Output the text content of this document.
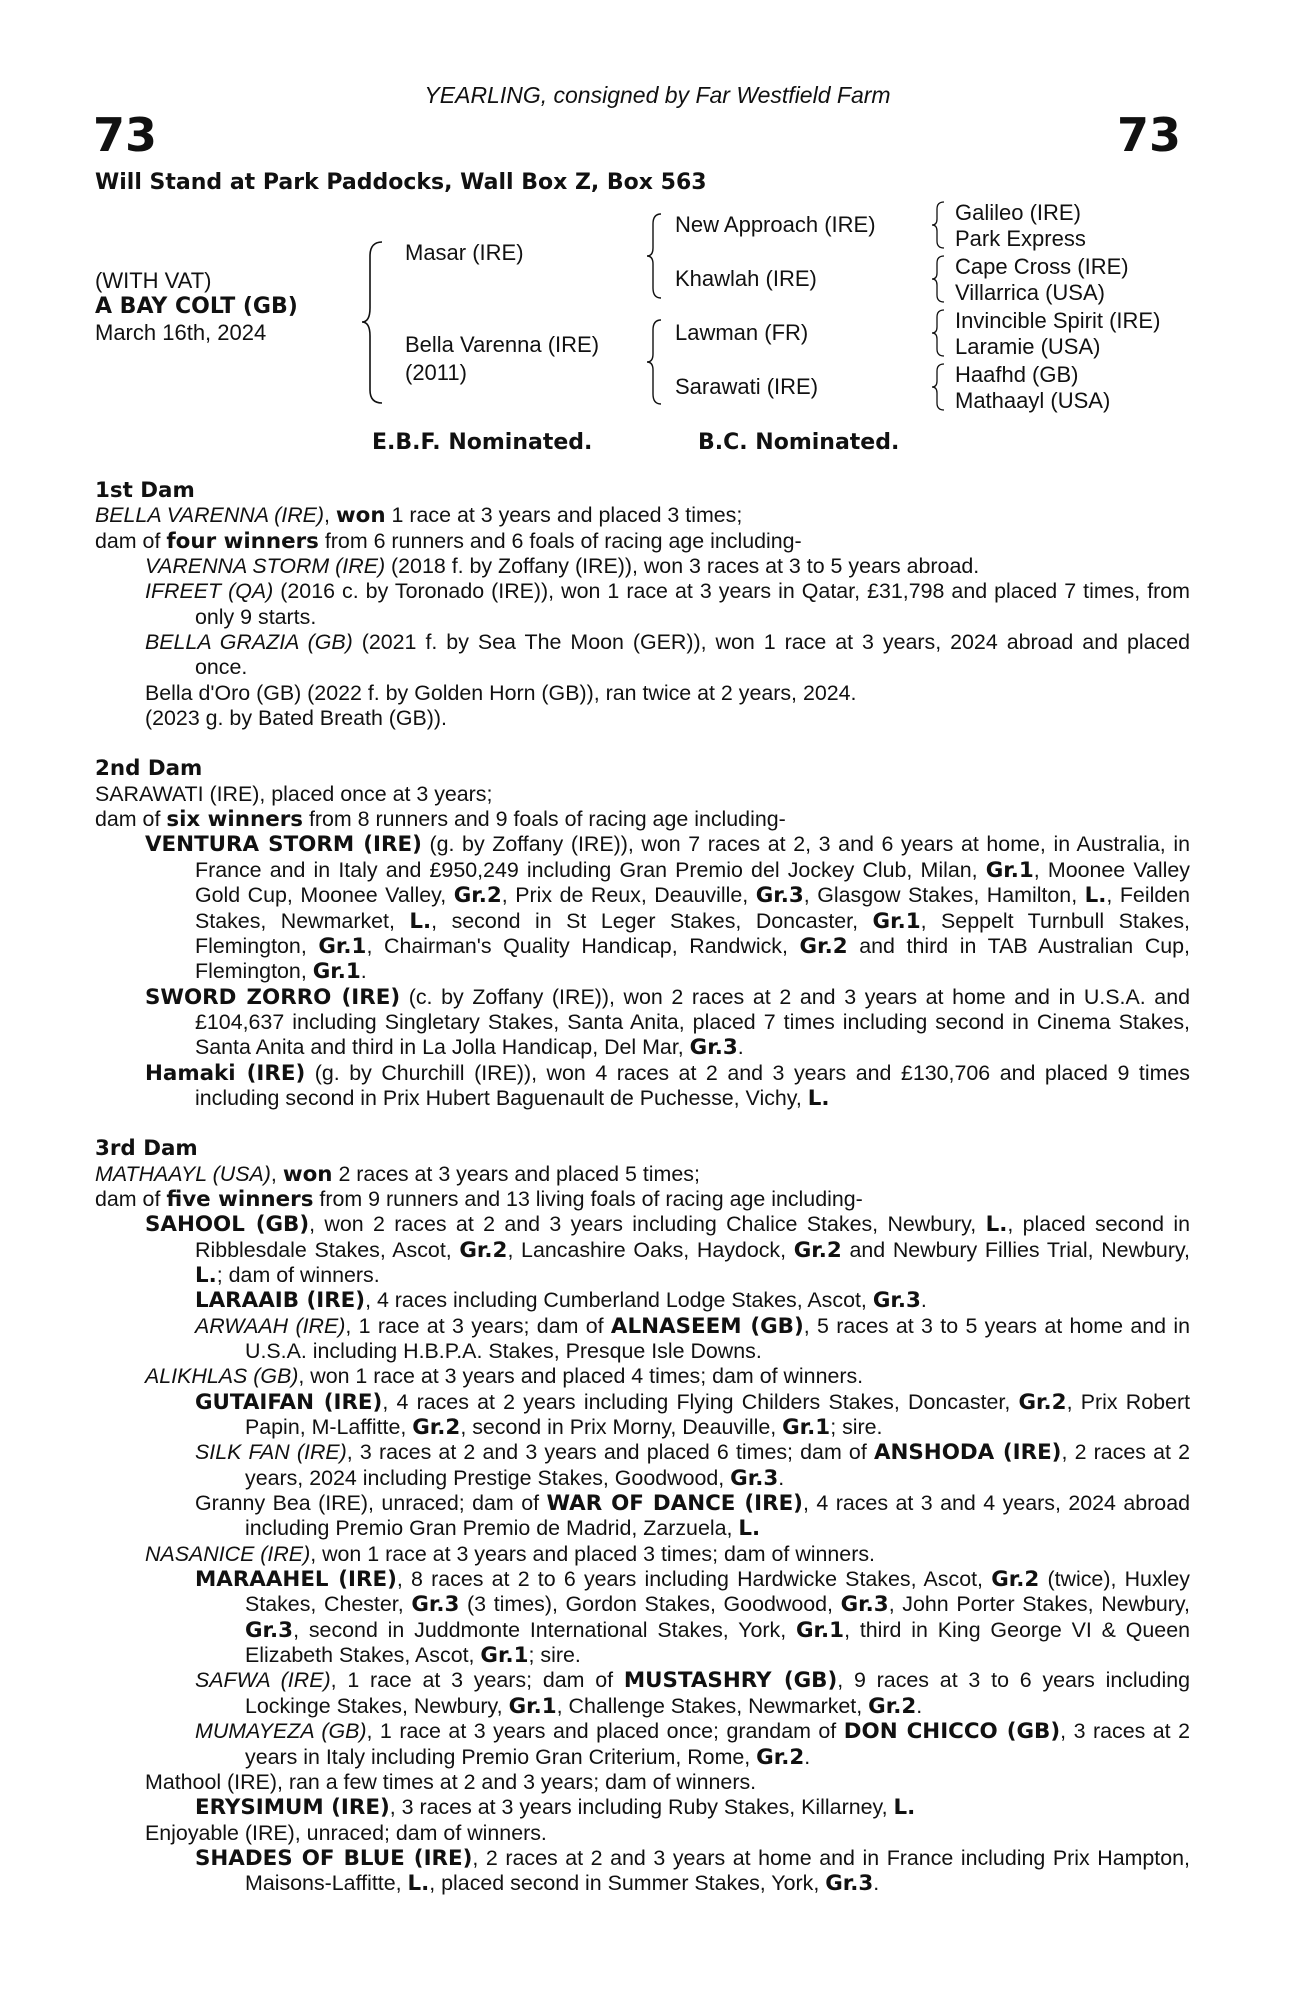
YEARLING, consigned by Far Westfield Farm
73	73
Will Stand at Park Paddocks, Wall Box Z, Box 563
(WITH VAT)
A BAY COLT (GB)
March 16th, 2024
Masar (IRE)
Bella Varenna (IRE)
(2011)
New Approach (IRE)
Khawlah (IRE)
Lawman (FR)
Sarawati (IRE)
Galileo (IRE)
Park Express
Cape Cross (IRE)
Villarrica (USA)
Invincible Spirit (IRE)
Laramie (USA)
Haafhd (GB)
Mathaayl (USA)
E.B.F. Nominated.	B.C. Nominated.

1st Dam

BELLA VARENNA (IRE), won 1 race at 3 years and placed 3 times;

dam of four winners from 6 runners and 6 foals of racing age including-

VARENNA STORM (IRE) (2018 f. by Zoffany (IRE)), won 3 races at 3 to 5 years abroad.

IFREET (QA) (2016 c. by Toronado (IRE)), won 1 race at 3 years in Qatar, £31,798 and placed 7 times, from only 9 starts.

BELLA GRAZIA (GB) (2021 f. by Sea The Moon (GER)), won 1 race at 3 years, 2024 abroad and placed once.

Bella d'Oro (GB) (2022 f. by Golden Horn (GB)), ran twice at 2 years, 2024.

(2023 g. by Bated Breath (GB)).

2nd Dam

SARAWATI (IRE), placed once at 3 years;

dam of six winners from 8 runners and 9 foals of racing age including-

VENTURA STORM (IRE) (g. by Zoffany (IRE)), won 7 races at 2, 3 and 6 years at home, in Australia, in France and in Italy and £950,249 including Gran Premio del Jockey Club, Milan, Gr.1, Moonee Valley Gold Cup, Moonee Valley, Gr.2, Prix de Reux, Deauville, Gr.3, Glasgow Stakes, Hamilton, L., Feilden Stakes, Newmarket, L., second in St Leger Stakes, Doncaster, Gr.1, Seppelt Turnbull Stakes, Flemington, Gr.1, Chairman's Quality Handicap, Randwick, Gr.2 and third in TAB Australian Cup, Flemington, Gr.1.

SWORD ZORRO (IRE) (c. by Zoffany (IRE)), won 2 races at 2 and 3 years at home and in U.S.A. and £104,637 including Singletary Stakes, Santa Anita, placed 7 times including second in Cinema Stakes, Santa Anita and third in La Jolla Handicap, Del Mar, Gr.3.

Hamaki (IRE) (g. by Churchill (IRE)), won 4 races at 2 and 3 years and £130,706 and placed 9 times including second in Prix Hubert Baguenault de Puchesse, Vichy, L.

3rd Dam

MATHAAYL (USA), won 2 races at 3 years and placed 5 times;

dam of five winners from 9 runners and 13 living foals of racing age including-

SAHOOL (GB), won 2 races at 2 and 3 years including Chalice Stakes, Newbury, L., placed second in Ribblesdale Stakes, Ascot, Gr.2, Lancashire Oaks, Haydock, Gr.2 and Newbury Fillies Trial, Newbury, L.; dam of winners.

LARAAIB (IRE), 4 races including Cumberland Lodge Stakes, Ascot, Gr.3.

ARWAAH (IRE), 1 race at 3 years; dam of ALNASEEM (GB), 5 races at 3 to 5 years at home and in U.S.A. including H.B.P.A. Stakes, Presque Isle Downs.

ALIKHLAS (GB), won 1 race at 3 years and placed 4 times; dam of winners.

GUTAIFAN (IRE), 4 races at 2 years including Flying Childers Stakes, Doncaster, Gr.2, Prix Robert Papin, M-Laffitte, Gr.2, second in Prix Morny, Deauville, Gr.1; sire.

SILK FAN (IRE), 3 races at 2 and 3 years and placed 6 times; dam of ANSHODA (IRE), 2 races at 2 years, 2024 including Prestige Stakes, Goodwood, Gr.3.

Granny Bea (IRE), unraced; dam of WAR OF DANCE (IRE), 4 races at 3 and 4 years, 2024 abroad including Premio Gran Premio de Madrid, Zarzuela, L.

NASANICE (IRE), won 1 race at 3 years and placed 3 times; dam of winners.

MARAAHEL (IRE), 8 races at 2 to 6 years including Hardwicke Stakes, Ascot, Gr.2 (twice), Huxley Stakes, Chester, Gr.3 (3 times), Gordon Stakes, Goodwood, Gr.3, John Porter Stakes, Newbury, Gr.3, second in Juddmonte International Stakes, York, Gr.1, third in King George VI & Queen Elizabeth Stakes, Ascot, Gr.1; sire.

SAFWA (IRE), 1 race at 3 years; dam of MUSTASHRY (GB), 9 races at 3 to 6 years including Lockinge Stakes, Newbury, Gr.1, Challenge Stakes, Newmarket, Gr.2.

MUMAYEZA (GB), 1 race at 3 years and placed once; grandam of DON CHICCO (GB), 3 races at 2 years in Italy including Premio Gran Criterium, Rome, Gr.2.

Mathool (IRE), ran a few times at 2 and 3 years; dam of winners.

ERYSIMUM (IRE), 3 races at 3 years including Ruby Stakes, Killarney, L.

Enjoyable (IRE), unraced; dam of winners.

SHADES OF BLUE (IRE), 2 races at 2 and 3 years at home and in France including Prix Hampton, Maisons-Laffitte, L., placed second in Summer Stakes, York, Gr.3.
